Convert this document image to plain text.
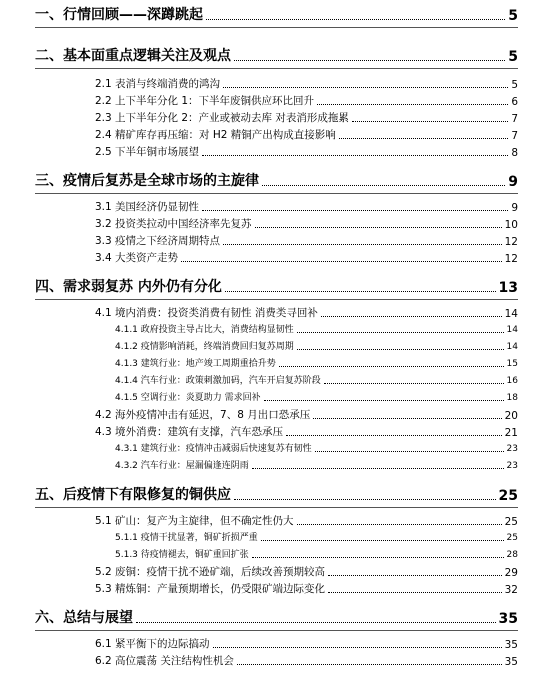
一、行情回顾——深蹲跳起	5
二、基本面重点逻辑关注及观点	5
2.1 表消与终端消费的鸿沟	5
2.2 上下半年分化 1：下半年废铜供应环比回升	6
2.3 上下半年分化 2：产业或被动去库 对表消形成拖累	7
2.4 精矿库存再压缩：对 H2 精铜产出构成直接影响	7
2.5 下半年铜市场展望	8
三、疫情后复苏是全球市场的主旋律	9
3.1 美国经济仍显韧性	9
3.2 投资类拉动中国经济率先复苏	10
3.3 疫情之下经济周期特点	12
3.4 大类资产走势	12
四、需求弱复苏 内外仍有分化	13
4.1 境内消费：投资类消费有韧性 消费类寻回补	14
4.1.1 政府投资主导占比大，消费结构显韧性	14
4.1.2 疫情影响消耗，终端消费回归复苏周期	14
4.1.3 建筑行业：地产竣工周期重拾升势	15
4.1.4 汽车行业：政策刺激加码，汽车开启复苏阶段	16
4.1.5 空调行业：炎夏助力 需求回补	18
4.2 海外疫情冲击有延迟，7、8 月出口恐承压	20
4.3 境外消费：建筑有支撑，汽车恐承压	21
4.3.1 建筑行业：疫情冲击减弱后快速复苏有韧性	23
4.3.2 汽车行业：屋漏偏逢连阴雨	23
五、后疫情下有限修复的铜供应	25
5.1 矿山：复产为主旋律，但不确定性仍大	25
5.1.1 疫情干扰显著，铜矿折损严重	25
5.1.3 待疫情褪去，铜矿重回扩张	28
5.2 废铜：疫情干扰不逊矿端，后续改善预期较高	29
5.3 精炼铜：产量预期增长，仍受限矿端边际变化	32
六、总结与展望	35
6.1 紧平衡下的边际搞动	35
6.2 高位震荡 关注结构性机会	35
